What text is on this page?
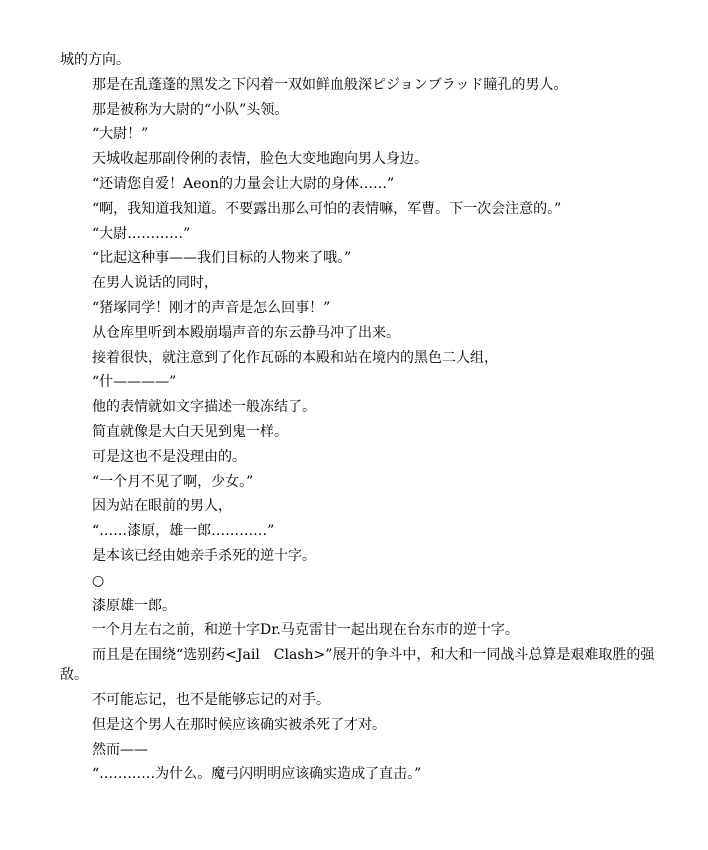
城的方向。

那是在乱蓬蓬的黑发之下闪着一双如鲜血般深ピジョンブラッド瞳孔的男人。

那是被称为大尉的“小队”头领。

“大尉！”

天城收起那副伶俐的表情，脸色大变地跑向男人身边。

“还请您自爱！Aeon的力量会让大尉的身体……”

“啊，我知道我知道。不要露出那么可怕的表情嘛，军曹。下一次会注意的。”

“大尉…………”

“比起这种事——我们目标的人物来了哦。”

在男人说话的同时，

“猪塚同学！刚才的声音是怎么回事！”

从仓库里听到本殿崩塌声音的东云静马冲了出来。

接着很快，就注意到了化作瓦砾的本殿和站在境内的黑色二人组，

“什————”

他的表情就如文字描述一般冻结了。

简直就像是大白天见到鬼一样。

可是这也不是没理由的。

“一个月不见了啊，少女。”

因为站在眼前的男人，

“……漆原，雄一郎…………”

是本该已经由她亲手杀死的逆十字。

○

漆原雄一郎。

一个月左右之前，和逆十字Dr.马克雷甘一起出现在台东市的逆十字。

而且是在围绕“选别药<Jail　Clash>”展开的争斗中，和大和一同战斗总算是艰难取胜的强敌。

不可能忘记，也不是能够忘记的对手。

但是这个男人在那时候应该确实被杀死了才对。

然而——

“…………为什么。魔弓闪明明应该确实造成了直击。”
